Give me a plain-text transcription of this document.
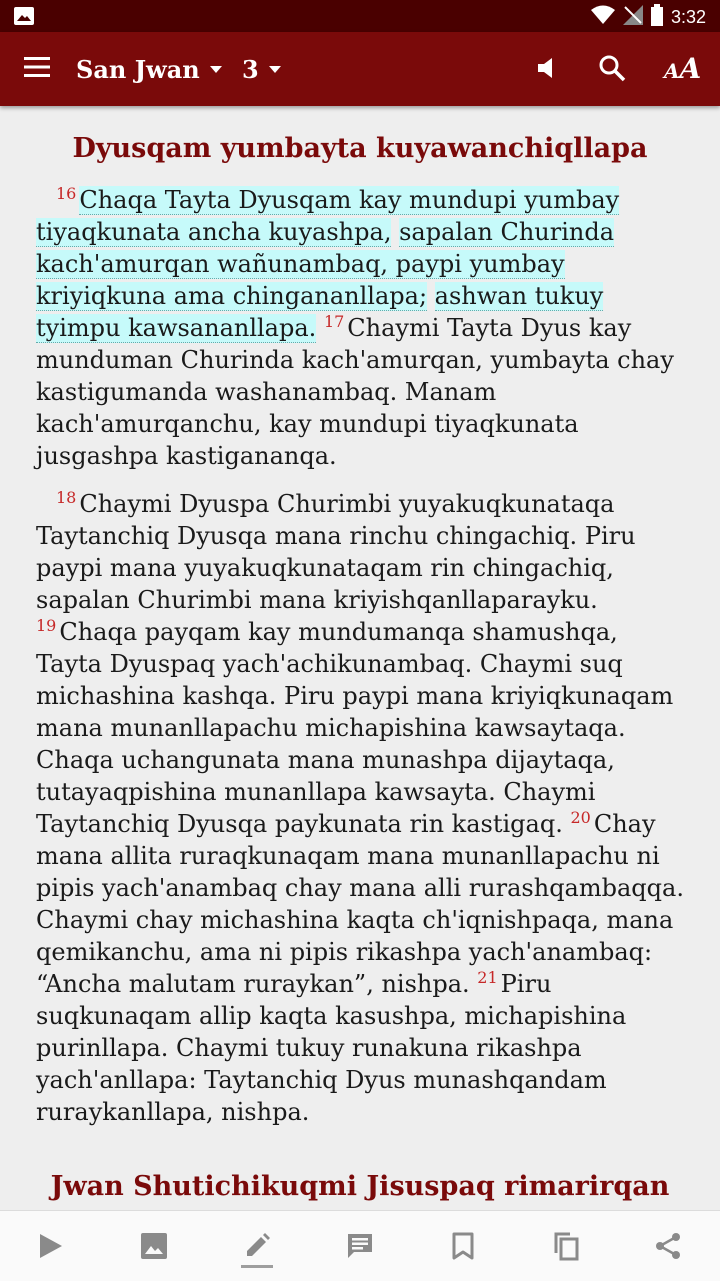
3:32
San Jwan 3	AA
Dyusqam yumbayta kuyawanchiqllapa

$^{16}$ Chaqa Tayta Dyusqam kay mundupi yumbay tiyaqkunata ancha kuyashpa, sapalan Churinda kach'amurqan wañunambaq, paypi yumbay kriyiqkuna ama chingananllapa; ashwan tukuy tyimpu kawsananllapa. $^{17}$ Chaymi Tayta Dyus kay munduman Churinda kach'amurqan, yumbayta chay kastigumanda washanambaq. Manam kach'amurqanchu, kay mundupi tiyaqkunata jusgashpa kastigananqa.

$^{18}$ Chaymi Dyuspa Churimbi yuyakuqkunataqa Taytanchiq Dyusqa mana rinchu chingachiq. Piru paypi mana yuyakuqkunataqam rin chingachiq, sapalan Churimbi mana kriyishqanllaparayku. $^{19}$ Chaqa payqam kay mundumanqa shamushqa, Tayta Dyuspaq yach'achikunambaq. Chaymi suq michashina kashqa. Piru paypi mana kriyiqkunaqam mana munanllapachu michapishina kawsaytaqa. Chaqa uchangunata mana munashpa dijaytaqa, tutayaqpishina munanllapa kawsayta. Chaymi Taytanchiq Dyusqa paykunata rin kastigaq. $^{20}$ Chay mana allita ruraqkunaqam mana munanllapachu ni pipis yach'anambaq chay mana alli rurashqambaqqa. Chaymi chay michashina kaqta ch'iqnishpaqa, mana qemikanchu, ama ni pipis rikashpa yach'anambaq: “Ancha malutam ruraykan”, nishpa. $^{21}$ Piru suqkunaqam allip kaqta kasushpa, michapishina purinllapa. Chaymi tukuy runakuna rikashpa yach'anllapa: Taytanchiq Dyus munashqandam ruraykanllapa, nishpa.

Jwan Shutichikuqmi Jisuspaq rimarirqan
